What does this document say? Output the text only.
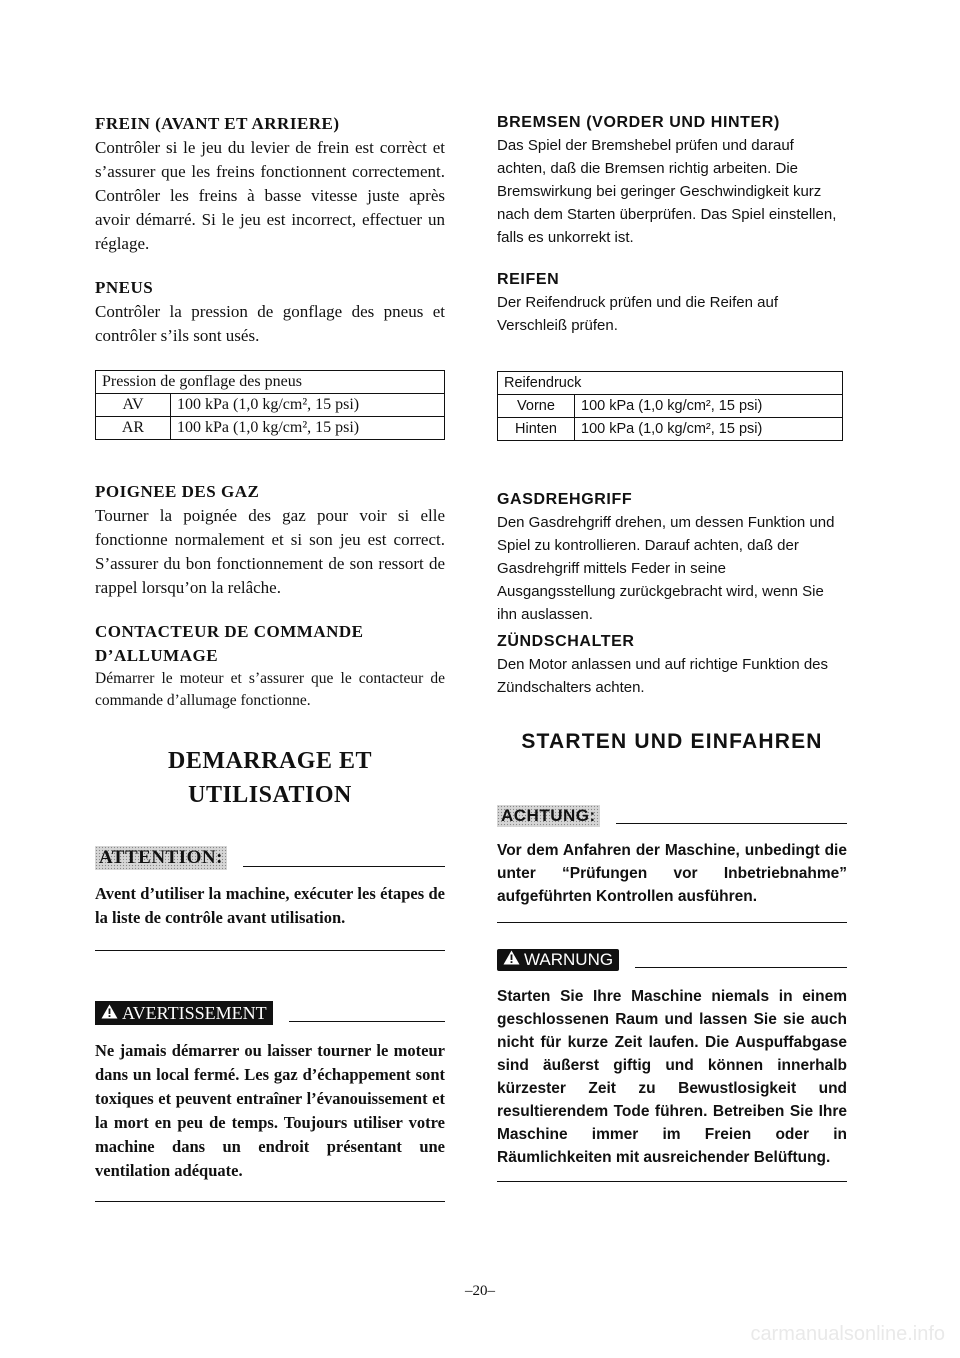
FREIN (AVANT ET ARRIERE)

Contrôler si le jeu du levier de frein est corrèct et s’assurer que les freins fonctionnent correctement. Contrôler les freins à basse vitesse juste après avoir démarré. Si le jeu est incorrect, effectuer un réglage.

PNEUS

Contrôler la pression de gonflage des pneus et contrôler s’ils sont usés.

Pression de gonflage des pneus	
AV	100 kPa (1,0 kg/cm², 15 psi)
AR	100 kPa (1,0 kg/cm², 15 psi)

POIGNEE DES GAZ

Tourner la poignée des gaz pour voir si elle fonctionne normalement et si son jeu est correct. S’assurer du bon fonctionnement de son ressort de rappel lorsqu’on la relâche.

CONTACTEUR DE COMMANDE

D’ALLUMAGE

Démarrer le moteur et s’assurer que le contacteur de commande d’allumage fonctionne.

DEMARRAGE ET

UTILISATION

ATTENTION:

Avent d’utiliser la machine, exécuter les étapes de la liste de contrôle avant utilisation.

AVERTISSEMENT

Ne jamais démarrer ou laisser tourner le moteur dans un local fermé. Les gaz d’échappement sont toxiques et peuvent entraîner l’évanouissement et la mort en peu de temps. Toujours utiliser votre machine dans un endroit présentant une ventilation adéquate.

BREMSEN (VORDER UND HINTER)

Das Spiel der Bremshebel prüfen und darauf achten, daß die Bremsen richtig arbeiten. Die Bremswirkung bei geringer Geschwindigkeit kurz nach dem Starten überprüfen. Das Spiel einstellen, falls es unkorrekt ist.

REIFEN

Der Reifendruck prüfen und die Reifen auf Verschleiß prüfen.

Reifendruck	
Vorne	100 kPa (1,0 kg/cm², 15 psi)
Hinten	100 kPa (1,0 kg/cm², 15 psi)

GASDREHGRIFF

Den Gasdrehgriff drehen, um dessen Funktion und Spiel zu kontrollieren. Darauf achten, daß der Gasdrehgriff mittels Feder in seine Ausgangsstellung zurückgebracht wird, wenn Sie ihn auslassen.

ZÜNDSCHALTER

Den Motor anlassen und auf richtige Funktion des Zündschalters achten.

STARTEN UND EINFAHREN

ACHTUNG:

Vor dem Anfahren der Maschine, unbedingt die unter “Prüfungen vor Inbetriebnahme” aufgeführten Kontrollen ausführen.

WARNUNG

Starten Sie Ihre Maschine niemals in einem geschlossenen Raum und lassen Sie sie auch nicht für kurze Zeit laufen. Die Auspuffabgase sind äußerst giftig und können innerhalb kürzester Zeit zu Bewustlosigkeit und resultierendem Tode führen. Betreiben Sie Ihre Maschine immer im Freien oder in Räumlichkeiten mit ausreichender Belüftung.

–20–
carmanualsonline.info
